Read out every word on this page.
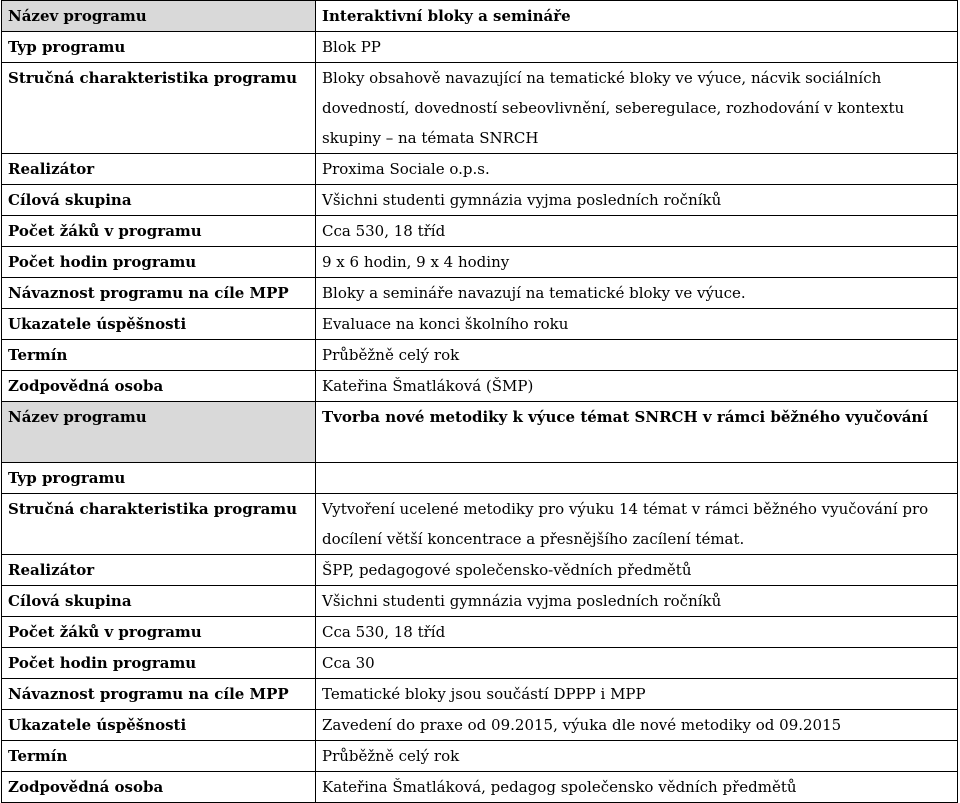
Název programu	Interaktivní bloky a semináře
Typ programu	Blok PP
Stručná charakteristika programu	Bloky obsahově navazující na tematické bloky ve výuce, nácvik sociálních dovedností, dovedností sebeovlivnění, seberegulace, rozhodování v kontextu skupiny – na témata SNRCH
Realizátor	Proxima Sociale o.p.s.
Cílová skupina	Všichni studenti gymnázia vyjma posledních ročníků
Počet žáků v programu	Cca 530, 18 tříd
Počet hodin programu	9 x 6 hodin, 9 x 4 hodiny
Návaznost programu na cíle MPP	Bloky a semináře navazují na tematické bloky ve výuce.
Ukazatele úspěšnosti	Evaluace na konci školního roku
Termín	Průběžně celý rok
Zodpovědná osoba	Kateřina Šmatláková (ŠMP)
Název programu	Tvorba nové metodiky k výuce témat SNRCH v rámci běžného vyučování
Typ programu	
Stručná charakteristika programu	Vytvoření ucelené metodiky pro výuku 14 témat v rámci běžného vyučování pro docílení větší koncentrace a přesnějšího zacílení témat.
Realizátor	ŠPP, pedagogové společensko-vědních předmětů
Cílová skupina	Všichni studenti gymnázia vyjma posledních ročníků
Počet žáků v programu	Cca 530, 18 tříd
Počet hodin programu	Cca 30
Návaznost programu na cíle MPP	Tematické bloky jsou součástí DPPP i MPP
Ukazatele úspěšnosti	Zavedení do praxe od 09.2015, výuka dle nové metodiky od 09.2015
Termín	Průběžně celý rok
Zodpovědná osoba	Kateřina Šmatláková, pedagog společensko vědních předmětů
